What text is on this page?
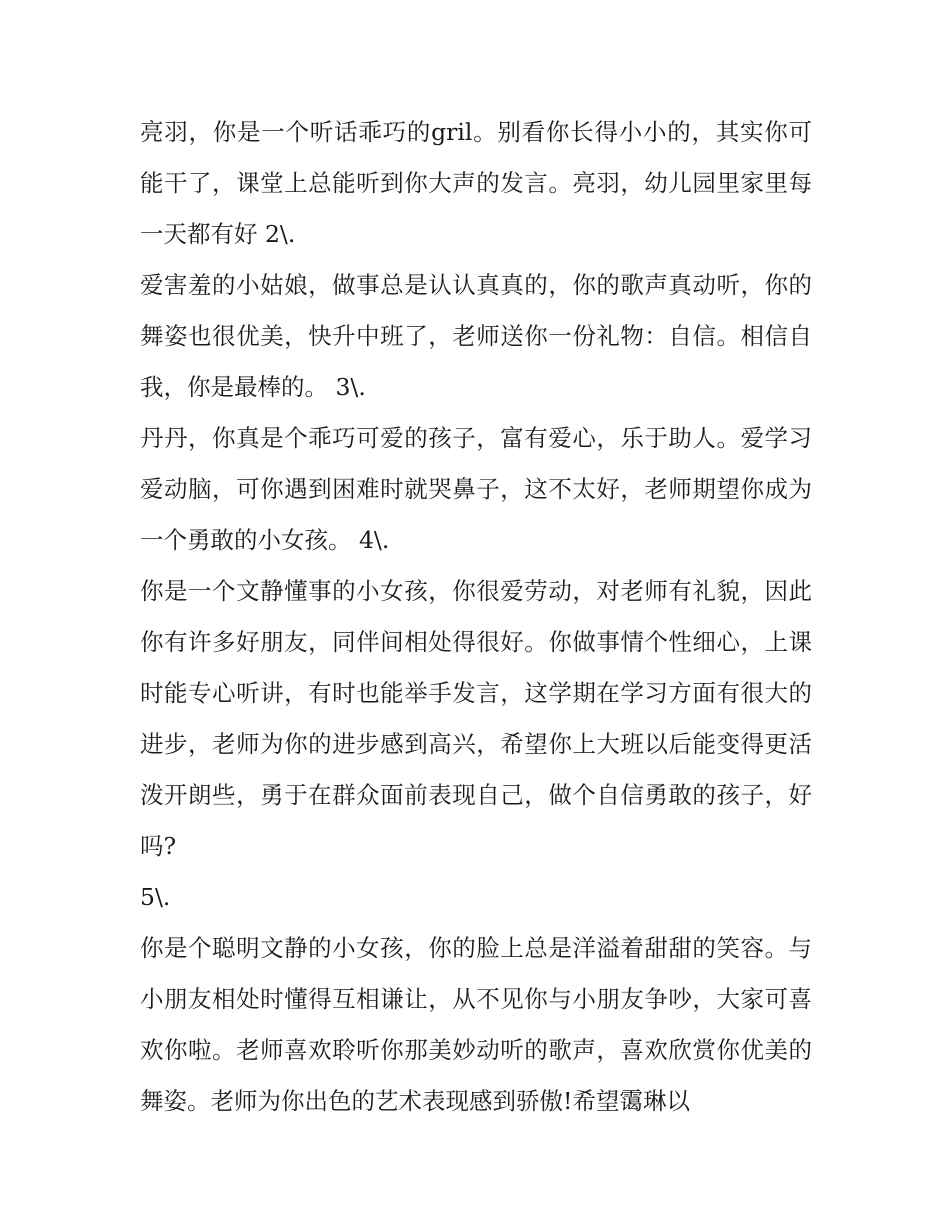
亮羽，你是一个听话乖巧的gril。别看你长得小小的，其实你可能干了，课堂上总能听到你大声的发言。亮羽，幼儿园里家里每一天都有好 2\.

爱害羞的小姑娘，做事总是认认真真的，你的歌声真动听，你的舞姿也很优美，快升中班了，老师送你一份礼物：自信。相信自我，你是最棒的。 3\.

丹丹，你真是个乖巧可爱的孩子，富有爱心，乐于助人。爱学习爱动脑，可你遇到困难时就哭鼻子，这不太好，老师期望你成为一个勇敢的小女孩。 4\.

你是一个文静懂事的小女孩，你很爱劳动，对老师有礼貌，因此你有许多好朋友，同伴间相处得很好。你做事情个性细心，上课时能专心听讲，有时也能举手发言，这学期在学习方面有很大的进步，老师为你的进步感到高兴，希望你上大班以后能变得更活泼开朗些，勇于在群众面前表现自己，做个自信勇敢的孩子，好吗?

5\.

你是个聪明文静的小女孩，你的脸上总是洋溢着甜甜的笑容。与小朋友相处时懂得互相谦让，从不见你与小朋友争吵，大家可喜欢你啦。老师喜欢聆听你那美妙动听的歌声，喜欢欣赏你优美的舞姿。老师为你出色的艺术表现感到骄傲!希望霭琳以
